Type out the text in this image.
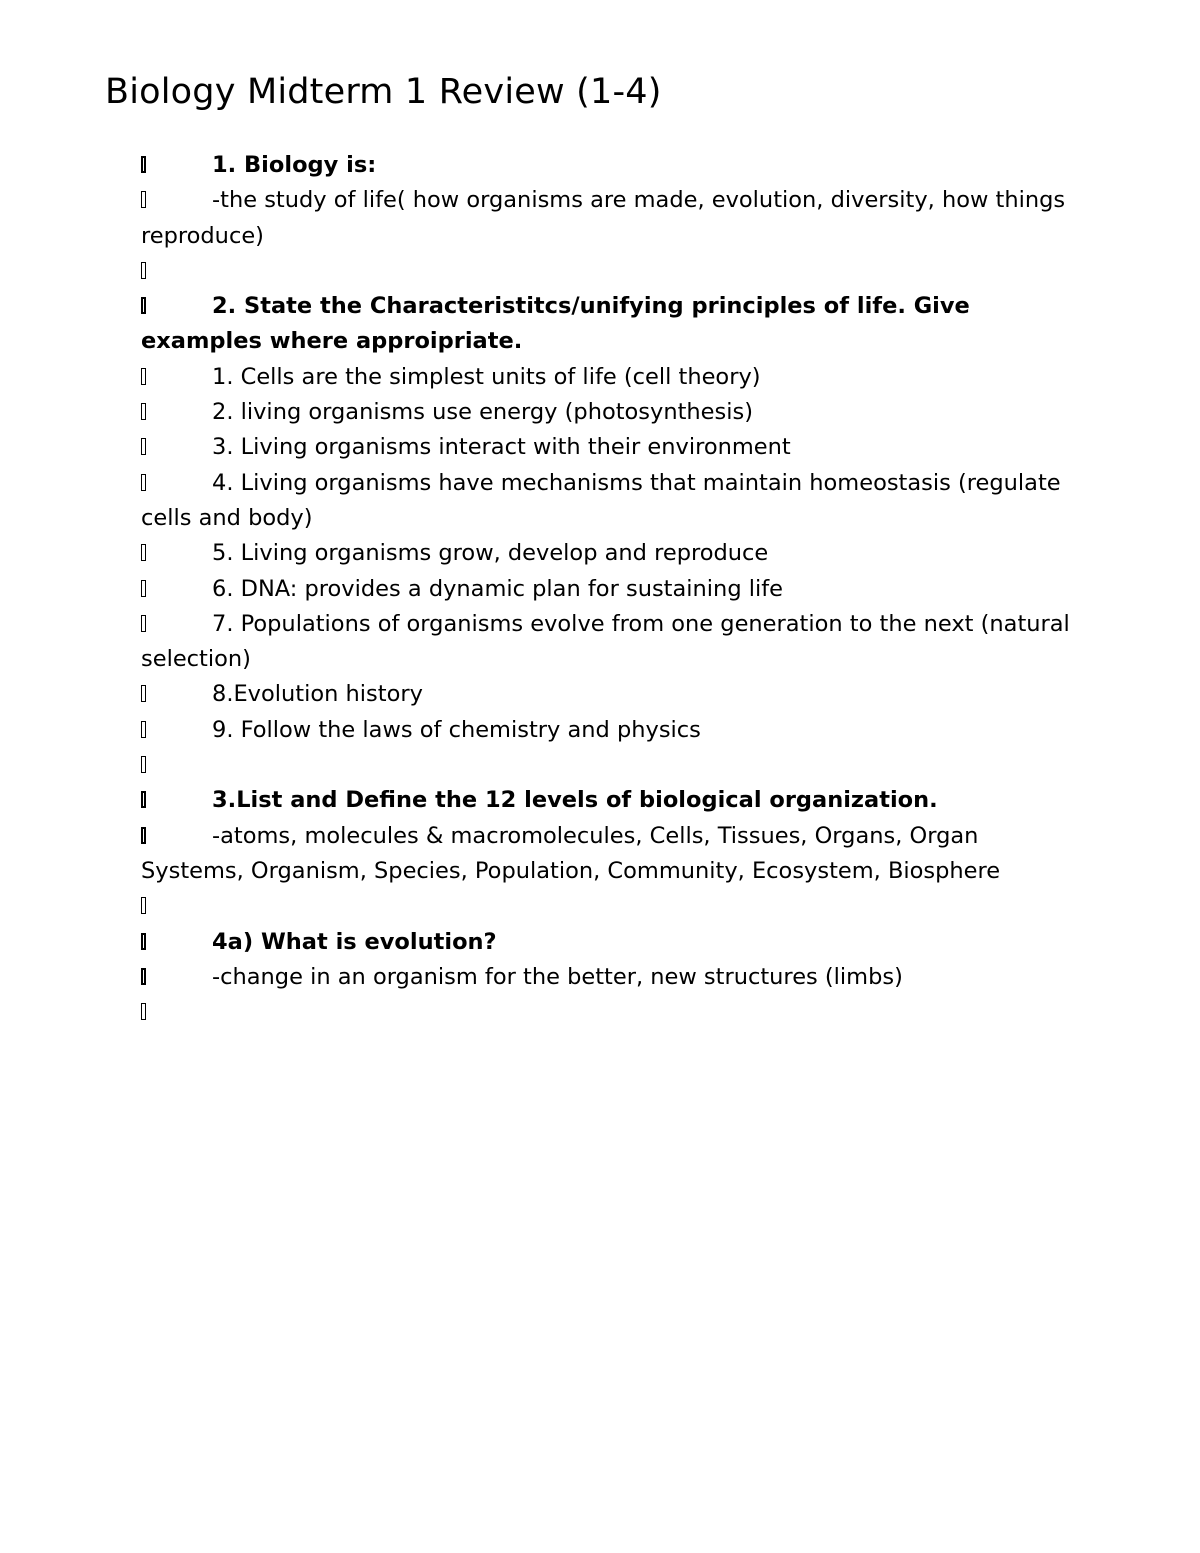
Biology Midterm 1 Review (1-4)

1. Biology is:

-the study of life( how organisms are made, evolution, diversity, how things reproduce)

2. State the Characteristitcs/unifying principles of life. Give examples where approipriate.

1. Cells are the simplest units of life (cell theory)

2. living organisms use energy (photosynthesis)

3. Living organisms interact with their environment

4. Living organisms have mechanisms that maintain homeostasis (regulate cells and body)

5. Living organisms grow, develop and reproduce

6. DNA: provides a dynamic plan for sustaining life

7. Populations of organisms evolve from one generation to the next (natural selection)

8.Evolution history

9. Follow the laws of chemistry and physics

3.List and Define the 12 levels of biological organization.

-atoms, molecules & macromolecules, Cells, Tissues, Organs, Organ Systems, Organism, Species, Population, Community, Ecosystem, Biosphere

4a) What is evolution?

-change in an organism for the better, new structures (limbs)
